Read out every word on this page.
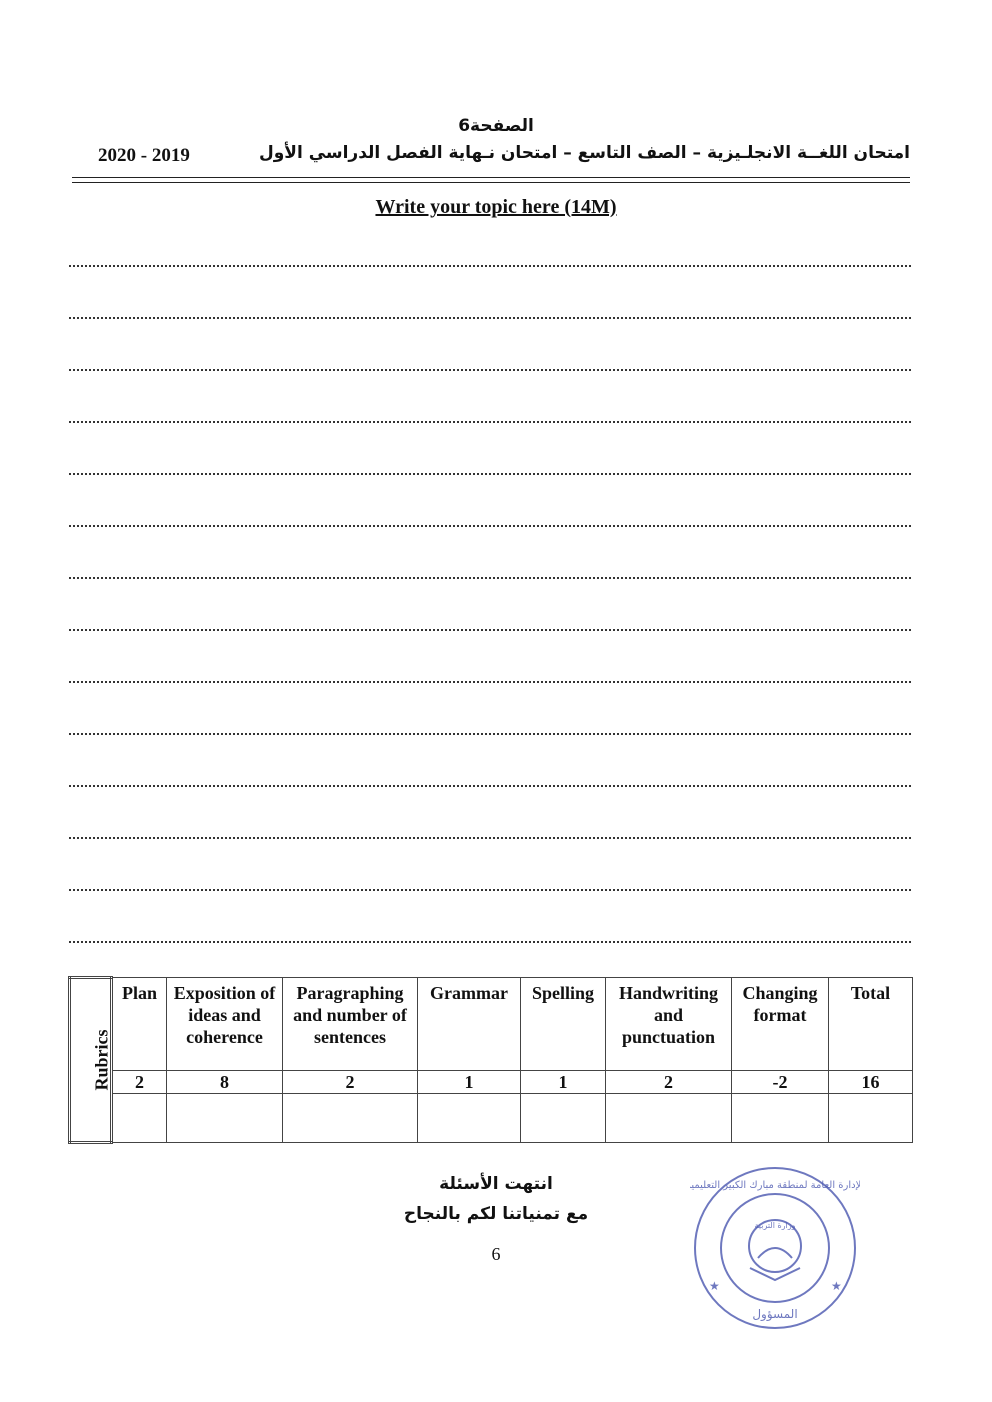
الصفحة6
امتحان اللغــة الانجلـيزية – الصف التاسع – امتحان نـهاية الفصل الدراسي الأول
2020 - 2019
Write your topic here (14M)
Rubrics	Plan	Exposition of ideas and coherence	Paragraphing and number of sentences	Grammar	Spelling	Handwriting and punctuation	Changing format	Total
	2	8	2	1	1	2	-2	16

انتهت الأسئلة
مع تمنياتنا لكم بالنجاح
6
★	★
الإدارة العامة لمنطقة مبارك الكبير التعليمية
وزارة التربية
المسؤول
